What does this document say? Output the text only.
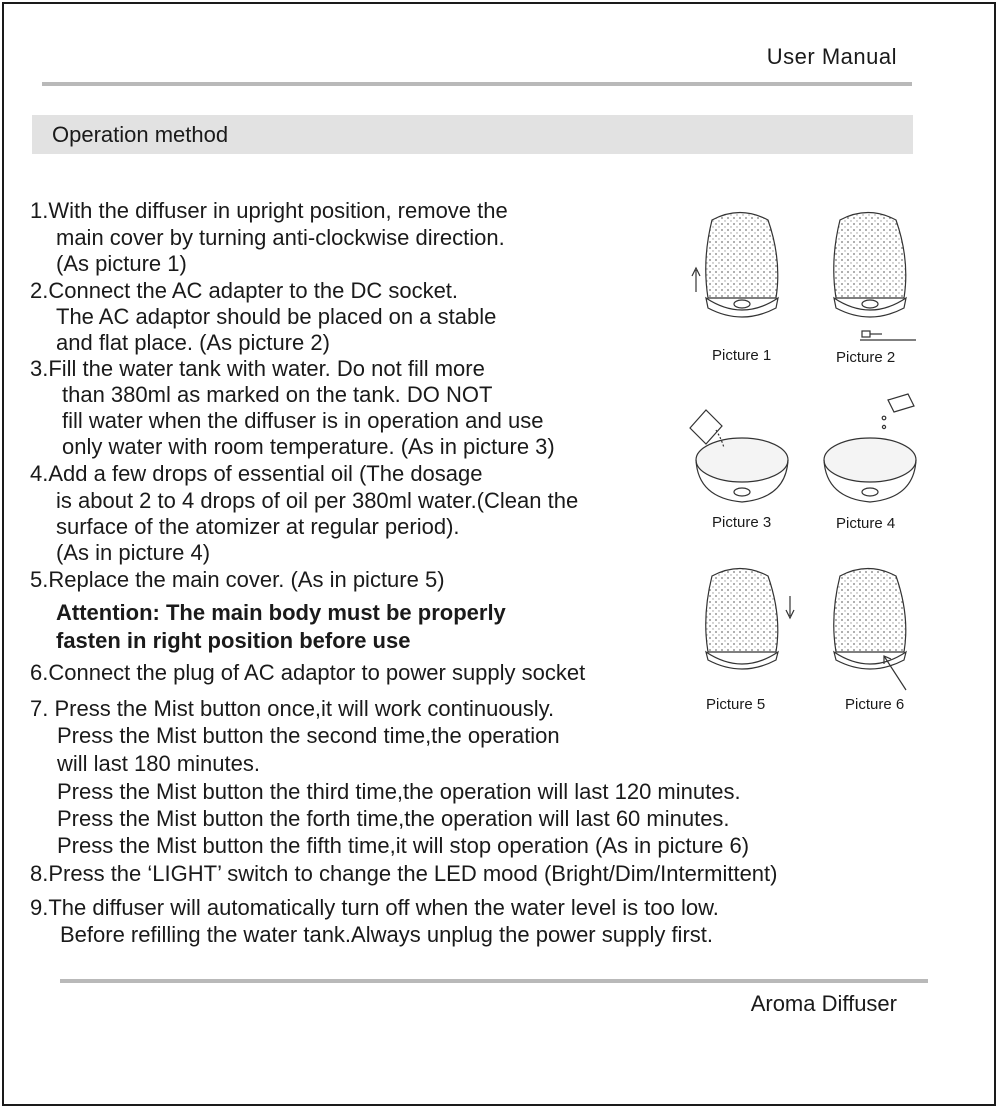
User Manual
Operation method
1.With the diffuser in upright position, remove the
main cover by turning anti-clockwise direction.
(As picture 1)
2.Connect the AC adapter to the DC socket.
The AC adaptor should be placed on a stable
and flat place. (As picture 2)
3.Fill the water tank with water. Do not fill more
than 380ml as marked on the tank. DO NOT
fill water when the diffuser is in operation and use
only water with room temperature. (As in picture 3)
4.Add a few drops of essential oil (The dosage
is about 2 to 4 drops of oil per 380ml water.(Clean the
surface of the atomizer at regular period).
(As in picture 4)
5.Replace the main cover. (As in picture 5)
Attention: The main body must be properly
fasten in right position before use
6.Connect the plug of AC adaptor to power supply socket
7. Press the Mist button once,it will work continuously.
Press the Mist button the second time,the operation
will last 180 minutes.
Press the Mist button the third time,the operation will last 120 minutes.
Press the Mist button the forth time,the operation will last 60 minutes.
Press the Mist button the fifth time,it will stop operation (As in picture 6)
8.Press the ‘LIGHT’ switch to change the LED mood (Bright/Dim/Intermittent)
9.The diffuser will automatically turn off when the water level is too low.
Before refilling the water tank.Always unplug the power supply first.
Picture 1	Picture 2
Picture 3	Picture 4
Picture 5	Picture 6
Aroma Diffuser
